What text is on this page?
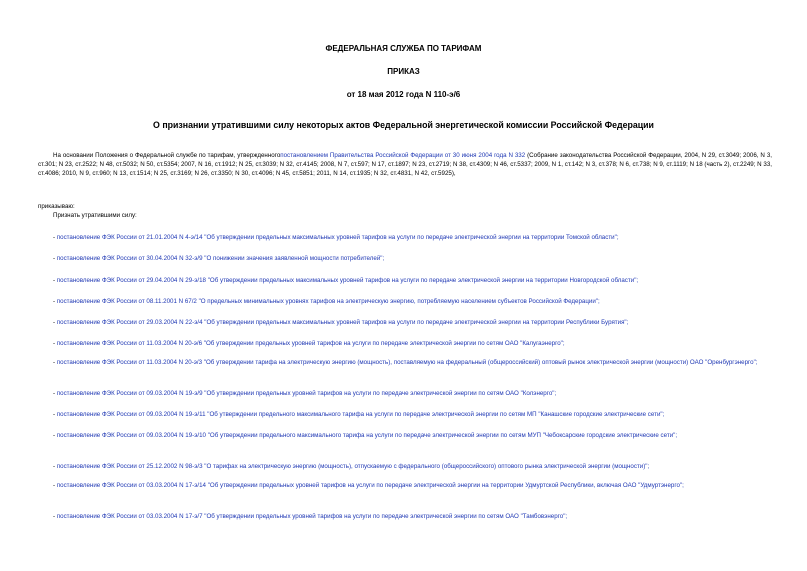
ФЕДЕРАЛЬНАЯ СЛУЖБА ПО ТАРИФАМ
ПРИКАЗ
от 18 мая 2012 года N 110-э/6
О признании утратившими силу некоторых актов Федеральной энергетической комиссии Российской Федерации
На основании Положения о Федеральной службе по тарифам, утвержденногопостановлением Правительства Российской Федерации от 30 июня 2004 года N 332 (Собрание законодательства Российской Федерации, 2004, N 29, ст.3049; 2006, N 3, ст.301; N 23, ст.2522; N 48, ст.5032; N 50, ст.5354; 2007, N 16, ст.1912; N 25, ст.3039; N 32, ст.4145; 2008, N 7, ст.597; N 17, ст.1897; N 23, ст.2719; N 38, ст.4309; N 46, ст.5337; 2009, N 1, ст.142; N 3, ст.378; N 6, ст.738; N 9, ст.1119; N 18 (часть 2), ст.2249; N 33, ст.4086; 2010, N 9, ст.960; N 13, ст.1514; N 25, ст.3169; N 26, ст.3350; N 30, ст.4096; N 45, ст.5851; 2011, N 14, ст.1935; N 32, ст.4831, N 42, ст.5925),
приказываю:
Признать утратившими силу:
- постановление ФЭК России от 21.01.2004 N 4-э/14 "Об утверждении предельных максимальных уровней тарифов на услуги по передаче электрической энергии на территории Томской области";
- постановление ФЭК России от 30.04.2004 N 32-э/9 "О понижении значения заявленной мощности потребителей";
- постановление ФЭК России от 29.04.2004 N 29-э/18 "Об утверждении предельных максимальных уровней тарифов на услуги по передаче электрической энергии на территории Новгородской области";
- постановление ФЭК России от 08.11.2001 N 67/2 "О предельных минимальных уровнях тарифов на электрическую энергию, потребляемую населением субъектов Российской Федерации";
- постановление ФЭК России от 29.03.2004 N 22-э/4 "Об утверждении предельных максимальных уровней тарифов на услуги по передаче электрической энергии на территории Республики Бурятия";
- постановление ФЭК России от 11.03.2004 N 20-э/6 "Об утверждении предельных уровней тарифов на услуги по передаче электрической энергии по сетям ОАО "Калугаэнерго";
- постановление ФЭК России от 11.03.2004 N 20-э/3 "Об утверждении тарифа на электрическую энергию (мощность), поставляемую на федеральный (общероссийский) оптовый рынок электрической энергии (мощности) ОАО "Оренбургэнерго";
- постановление ФЭК России от 09.03.2004 N 19-э/9 "Об утверждении предельных уровней тарифов на услуги по передаче электрической энергии по сетям ОАО "Колэнерго";
- постановление ФЭК России от 09.03.2004 N 19-э/11 "Об утверждении предельного максимального тарифа на услуги по передаче электрической энергии по сетям МП "Канашские городские электрические сети";
- постановление ФЭК России от 09.03.2004 N 19-э/10 "Об утверждении предельного максимального тарифа на услуги по передаче электрической энергии по сетям МУП "Чебоксарские городские электрические сети";
- постановление ФЭК России от 25.12.2002 N 98-э/3 "О тарифах на электрическую энергию (мощность), отпускаемую с федерального (общероссийского) оптового рынка электрической энергии (мощности)";
- постановление ФЭК России от 03.03.2004 N 17-э/14 "Об утверждении предельных уровней тарифов на услуги по передаче электрической энергии на территории Удмуртской Республики, включая ОАО "Удмуртэнерго";
- постановление ФЭК России от 03.03.2004 N 17-э/7 "Об утверждении предельных уровней тарифов на услуги по передаче электрической энергии по сетям ОАО "Тамбовэнерго";
